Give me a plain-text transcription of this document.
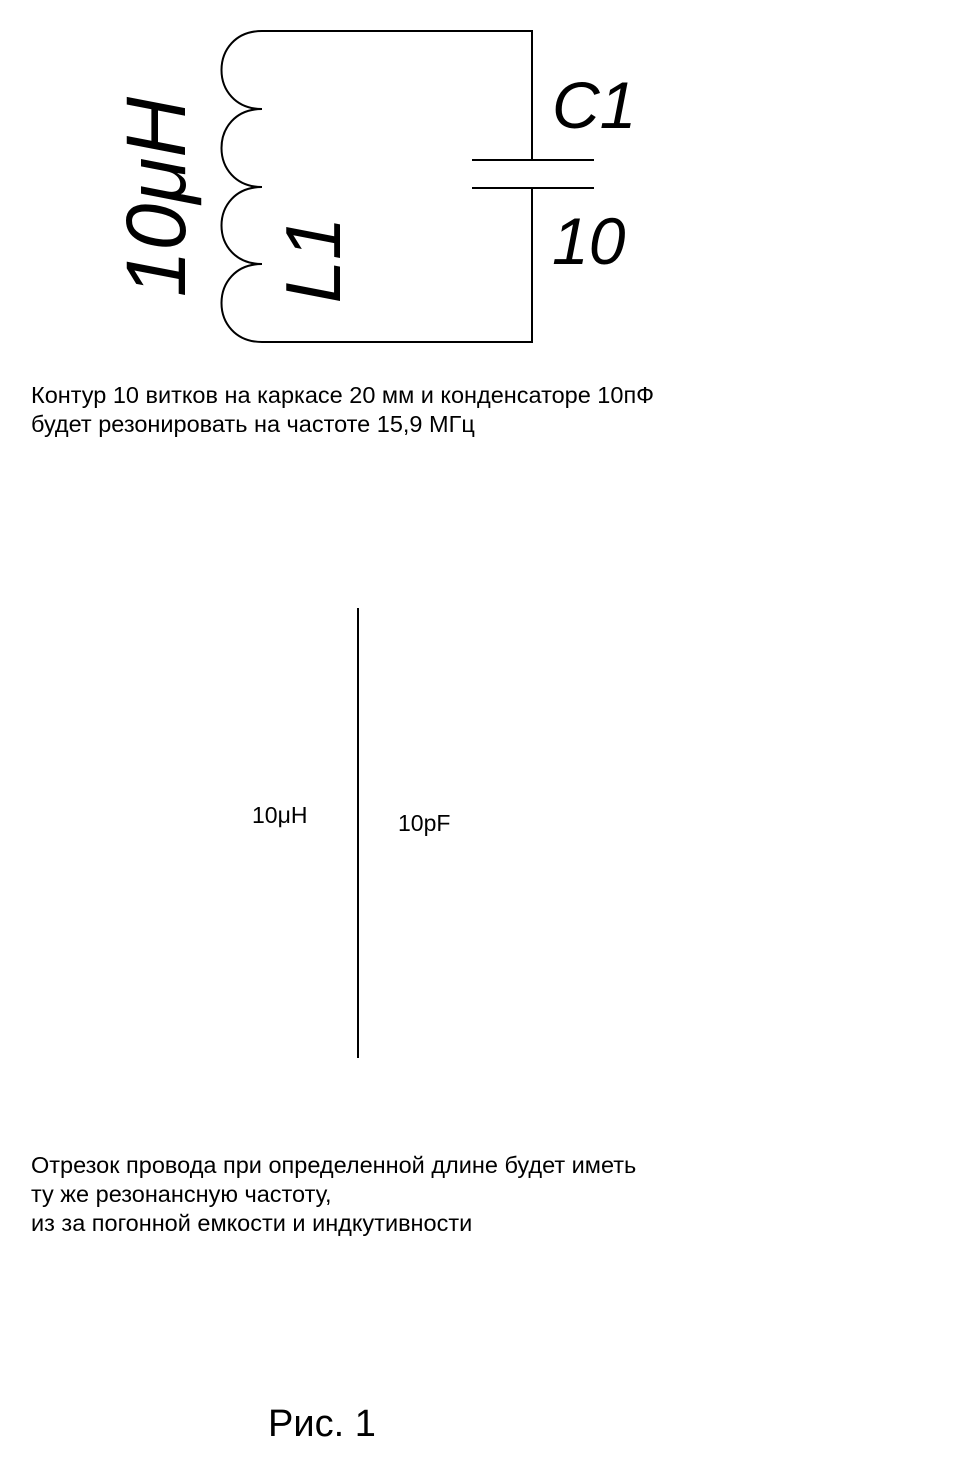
10μH L1
C1
10
10μH	10pF
Контур 10 витков на каркасе 20 мм и конденсаторе 10пФ
будет резонировать на частоте 15,9 МГц
Отрезок провода при определенной длине будет иметь
ту же резонансную частоту,
из за погонной емкости и индкутивности
Рис. 1
